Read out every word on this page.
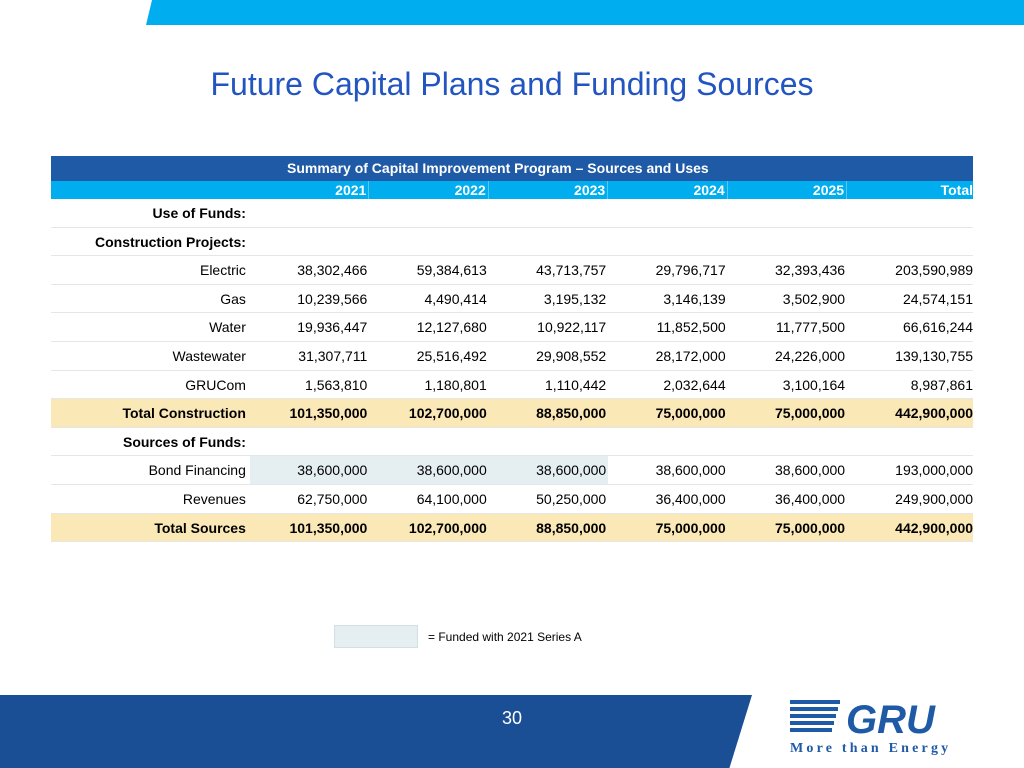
Future Capital Plans and Funding Sources
Summary of Capital Improvement Program – Sources and Uses
2021	2022	2023	2024	2025	Total
Use of Funds:
Construction Projects:
Electric	38,302,466	59,384,613	43,713,757	29,796,717	32,393,436	203,590,989
Gas	10,239,566	4,490,414	3,195,132	3,146,139	3,502,900	24,574,151
Water	19,936,447	12,127,680	10,922,117	11,852,500	11,777,500	66,616,244
Wastewater	31,307,711	25,516,492	29,908,552	28,172,000	24,226,000	139,130,755
GRUCom	1,563,810	1,180,801	1,110,442	2,032,644	3,100,164	8,987,861
Total Construction	101,350,000	102,700,000	88,850,000	75,000,000	75,000,000	442,900,000
Sources of Funds:
Bond Financing	38,600,000	38,600,000	38,600,000	38,600,000	38,600,000	193,000,000
Revenues	62,750,000	64,100,000	50,250,000	36,400,000	36,400,000	249,900,000
Total Sources	101,350,000	102,700,000	88,850,000	75,000,000	75,000,000	442,900,000
= Funded with 2021 Series A
30	GRU
More than Energy
